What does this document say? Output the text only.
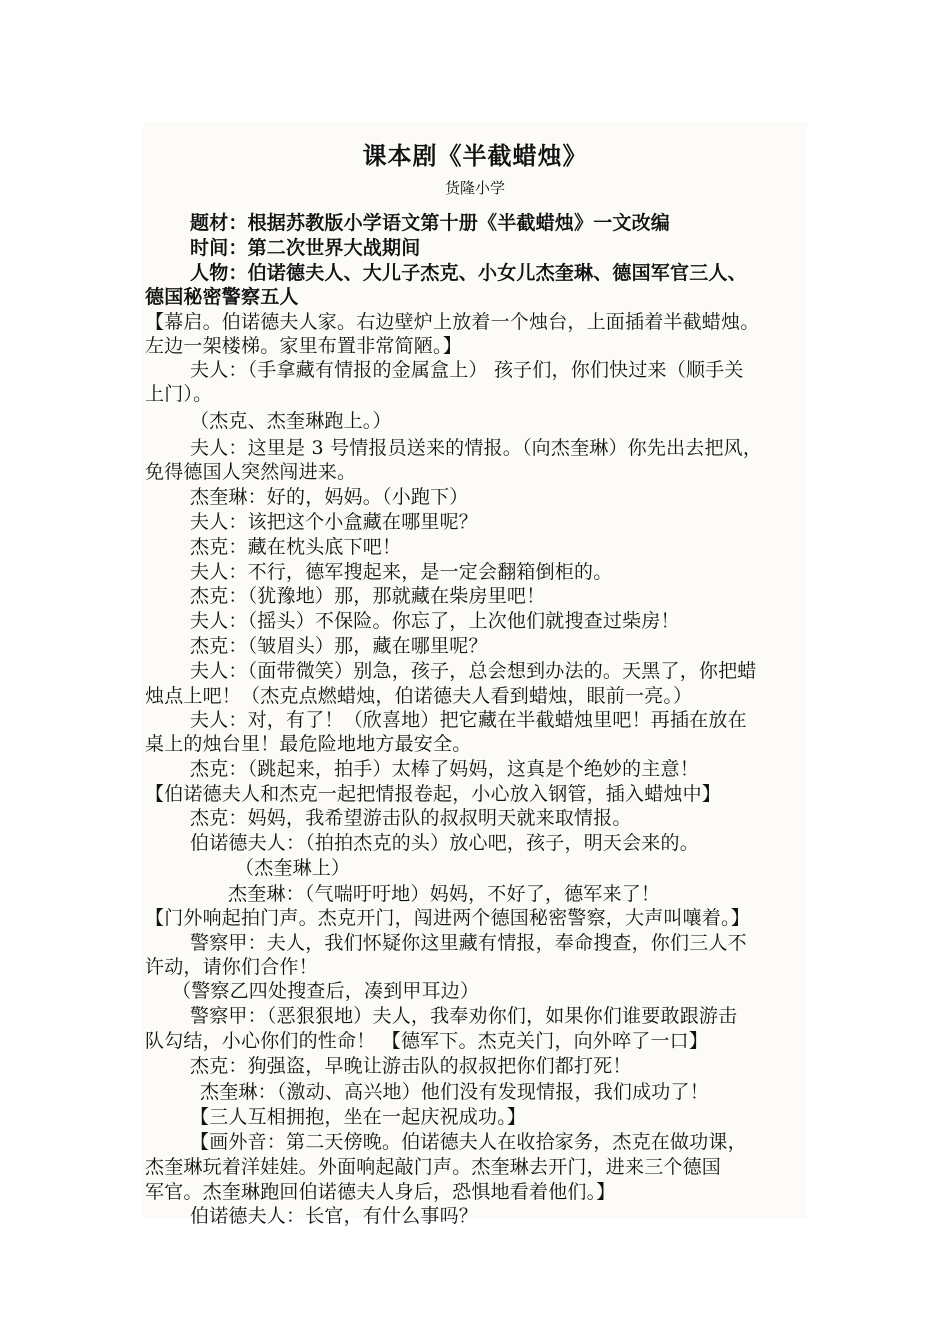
课本剧《半截蜡烛》
货隆小学
题材：根据苏教版小学语文第十册《半截蜡烛》一文改编
时间：第二次世界大战期间
人物：伯诺德夫人、大儿子杰克、小女儿杰奎琳、德国军官三人、
德国秘密警察五人
【幕启。伯诺德夫人家。右边壁炉上放着一个烛台，上面插着半截蜡烛。
左边一架楼梯。家里布置非常简陋。】
夫人：（手拿藏有情报的金属盒上） 孩子们，你们快过来（顺手关
上门）。
（杰克、杰奎琳跑上。）
夫人：这里是 3 号情报员送来的情报。（向杰奎琳）你先出去把风，
免得德国人突然闯进来。
杰奎琳：好的，妈妈。（小跑下）
夫人：该把这个小盒藏在哪里呢？
杰克：藏在枕头底下吧！
夫人：不行，德军搜起来，是一定会翻箱倒柜的。
杰克：（犹豫地）那，那就藏在柴房里吧！
夫人：（摇头）不保险。你忘了，上次他们就搜查过柴房！
杰克：（皱眉头）那，藏在哪里呢？
夫人：（面带微笑）别急，孩子，总会想到办法的。天黑了，你把蜡
烛点上吧！（杰克点燃蜡烛，伯诺德夫人看到蜡烛，眼前一亮。）
夫人：对，有了！（欣喜地）把它藏在半截蜡烛里吧！再插在放在
桌上的烛台里！最危险地地方最安全。
杰克：（跳起来，拍手）太棒了妈妈，这真是个绝妙的主意！
【伯诺德夫人和杰克一起把情报卷起，小心放入钢管，插入蜡烛中】
杰克：妈妈，我希望游击队的叔叔明天就来取情报。
伯诺德夫人：（拍拍杰克的头）放心吧，孩子，明天会来的。
（杰奎琳上）
杰奎琳：（气喘吁吁地）妈妈，不好了，德军来了！
【门外响起拍门声。杰克开门，闯进两个德国秘密警察，大声叫嚷着。】
警察甲：夫人，我们怀疑你这里藏有情报，奉命搜查，你们三人不
许动，请你们合作！
（警察乙四处搜查后，凑到甲耳边）
警察甲：（恶狠狠地）夫人，我奉劝你们，如果你们谁要敢跟游击
队勾结，小心你们的性命！ 【德军下。杰克关门，向外啐了一口】
杰克：狗强盗，早晚让游击队的叔叔把你们都打死！
杰奎琳：（激动、高兴地）他们没有发现情报，我们成功了！
【三人互相拥抱，坐在一起庆祝成功。】
【画外音：第二天傍晚。伯诺德夫人在收拾家务，杰克在做功课，
杰奎琳玩着洋娃娃。外面响起敲门声。杰奎琳去开门，进来三个德国
军官。杰奎琳跑回伯诺德夫人身后，恐惧地看着他们。】
伯诺德夫人：长官，有什么事吗？
